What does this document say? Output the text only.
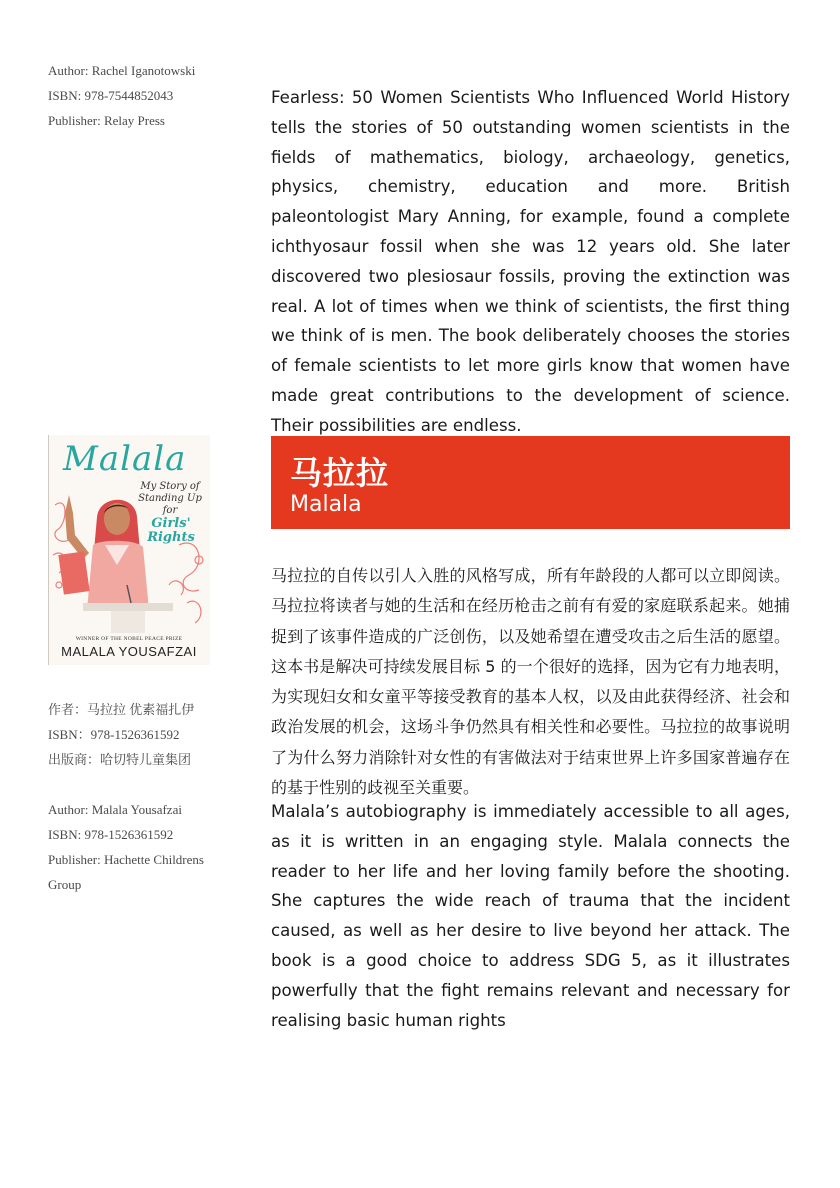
Author: Rachel Iganotowski
ISBN: 978-7544852043
Publisher: Relay Press
Fearless: 50 Women Scientists Who Influenced World History tells the stories of 50 outstanding women scientists in the fields of mathematics, biology, archaeology, genetics, physics, chemistry, education and more. British paleontologist Mary Anning, for example, found a complete ichthyosaur fossil when she was 12 years old. She later discovered two plesiosaur fossils, proving the extinction was real. A lot of times when we think of scientists, the first thing we think of is men. The book deliberately chooses the stories of female scientists to let more girls know that women have made great contributions to the development of science. Their possibilities are endless.
Malala
My Story of Standing Up for
Girls' Rights
WINNER OF THE NOBEL PEACE PRIZE
MALALA YOUSAFZAI
马拉拉
Malala
作者：马拉拉 优素福扎伊
ISBN：978-1526361592
出版商：哈切特儿童集团
Author: Malala Yousafzai
ISBN: 978-1526361592
Publisher: Hachette Childrens Group
马拉拉的自传以引人入胜的风格写成，所有年龄段的人都可以立即阅读。马拉拉将读者与她的生活和在经历枪击之前有有爱的家庭联系起来。她捕捉到了该事件造成的广泛创伤，以及她希望在遭受攻击之后生活的愿望。 这本书是解决可持续发展目标 5 的一个很好的选择，因为它有力地表明，为实现妇女和女童平等接受教育的基本人权，以及由此获得经济、社会和政治发展的机会，这场斗争仍然具有相关性和必要性。马拉拉的故事说明了为什么努力消除针对女性的有害做法对于结束世界上许多国家普遍存在的基于性别的歧视至关重要。
Malala’s autobiography is immediately accessible to all ages, as it is written in an engaging style. Malala connects the reader to her life and her loving family before the shooting. She captures the wide reach of trauma that the incident caused, as well as her desire to live beyond her attack. The book is a good choice to address SDG 5, as it illustrates powerfully that the fight remains relevant and necessary for realising basic human rights
